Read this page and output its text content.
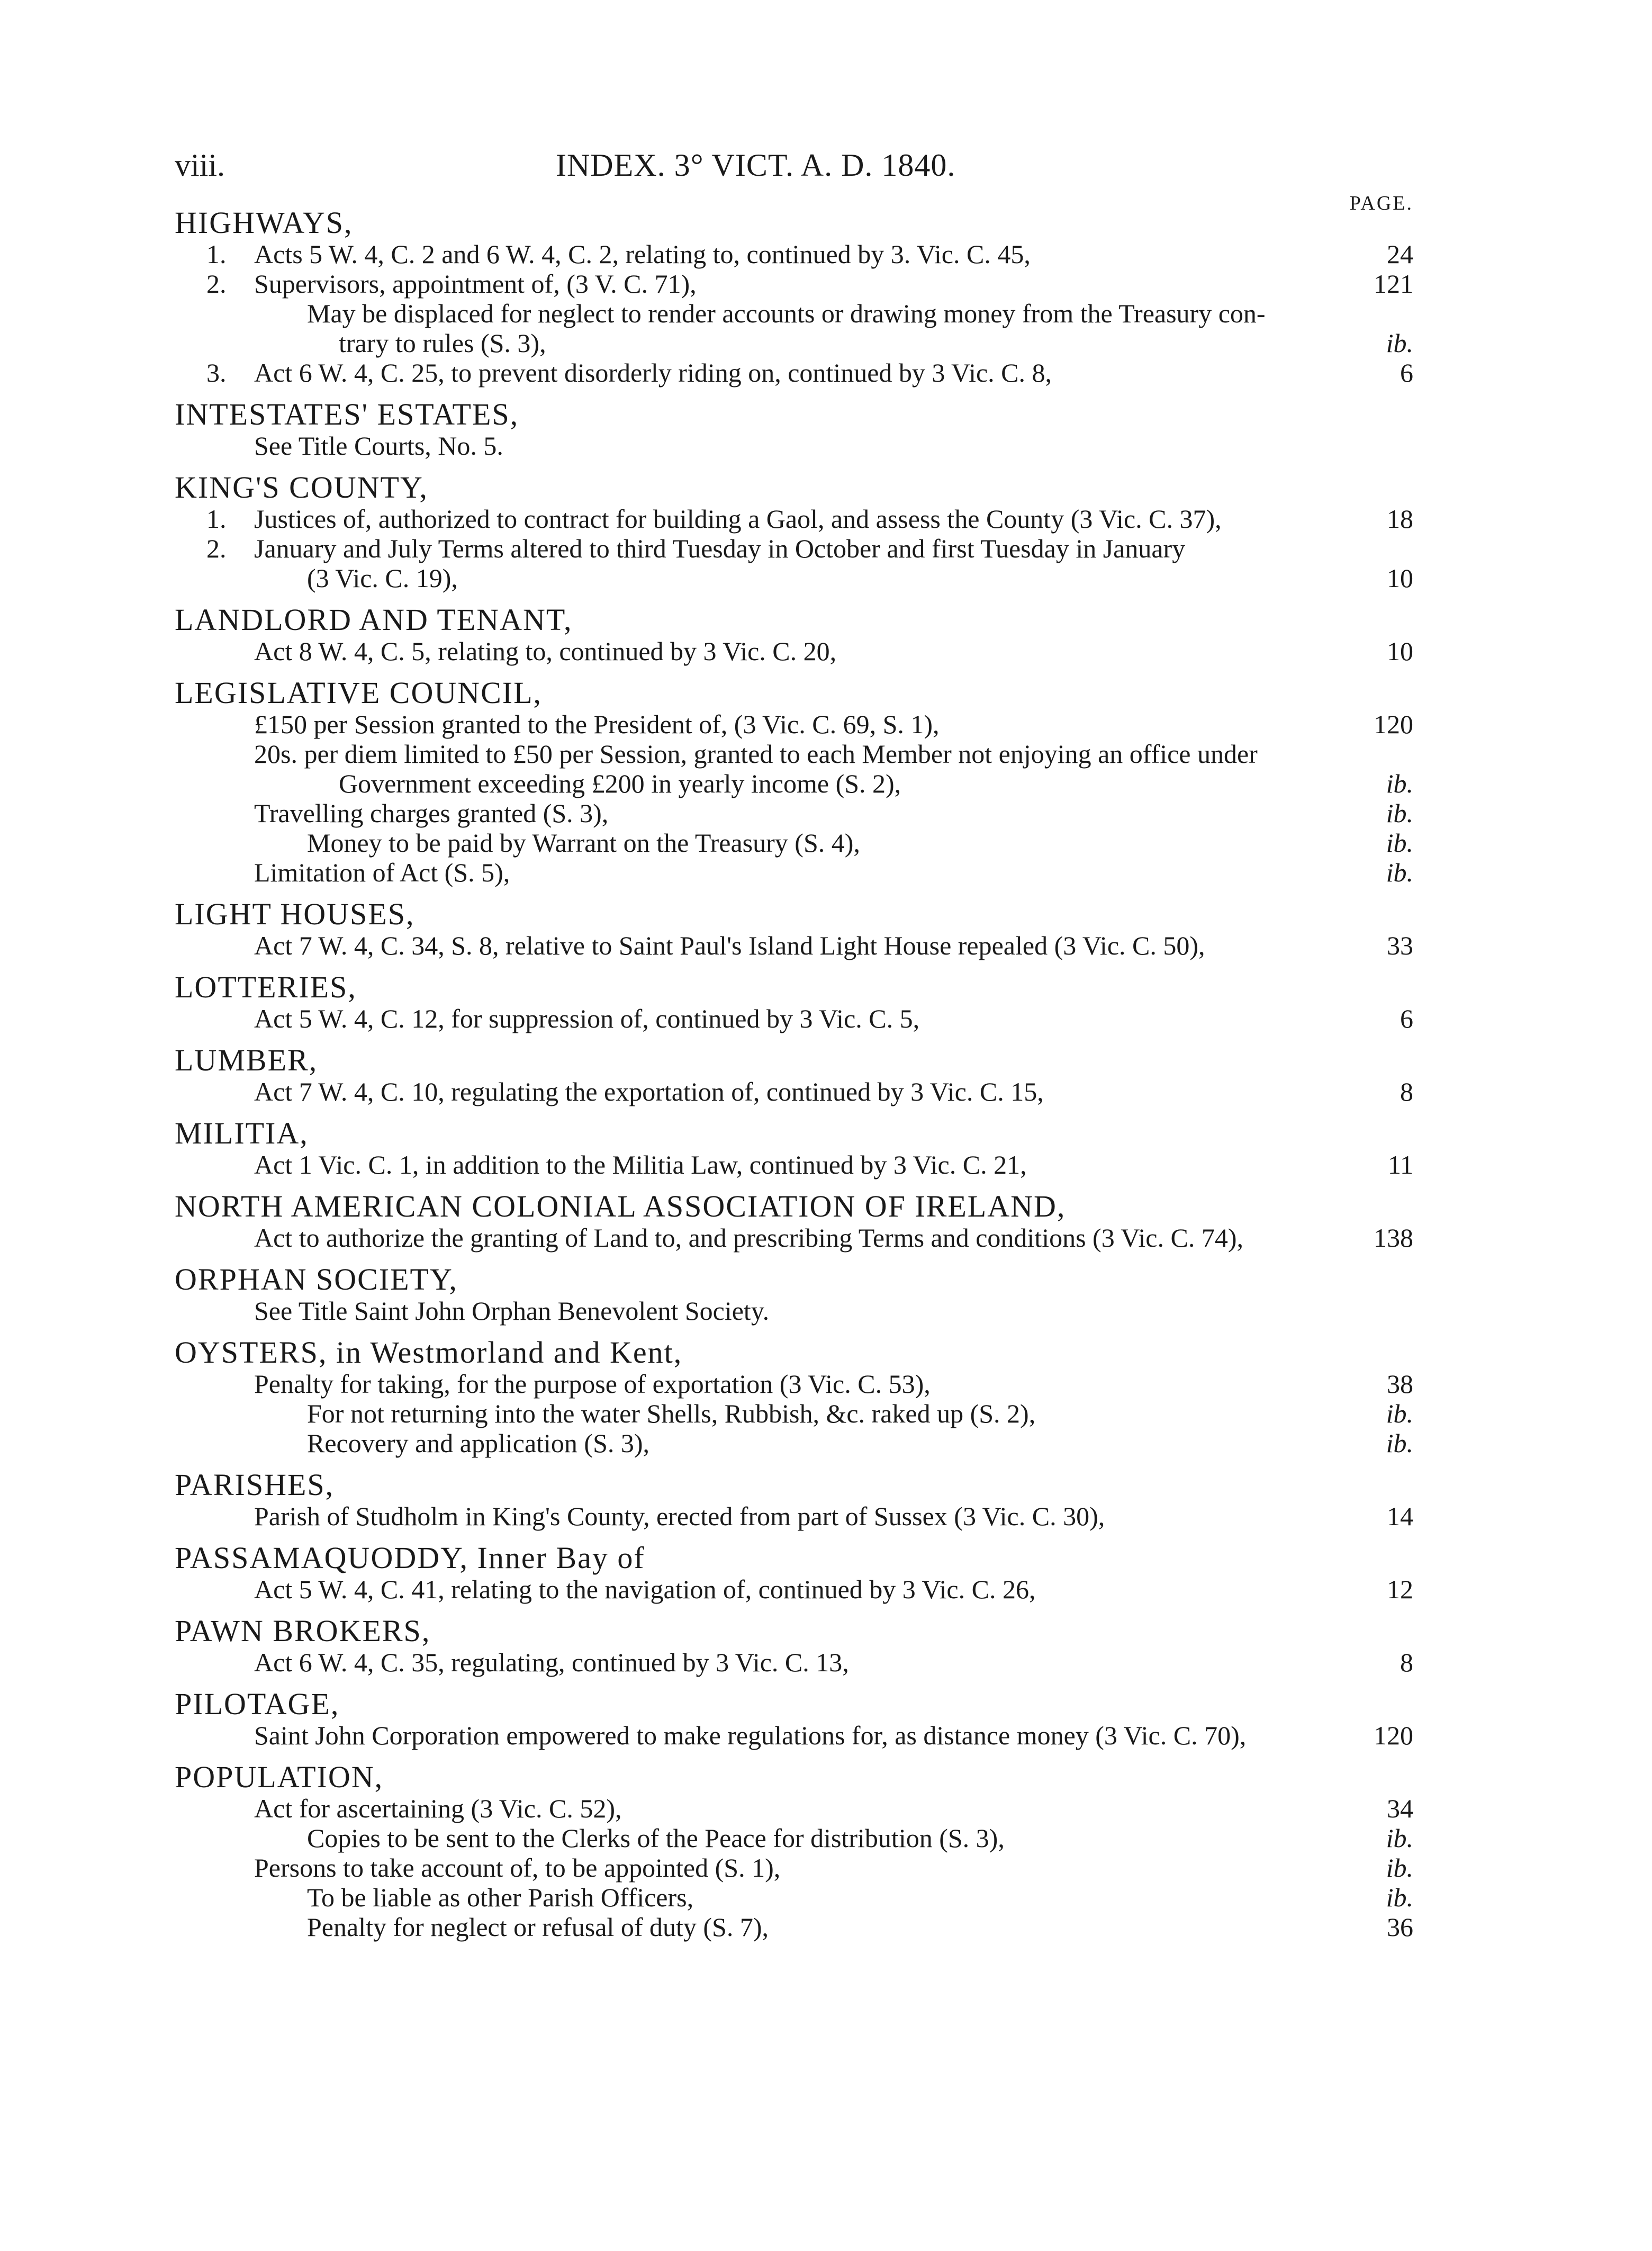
viii.	INDEX. 3° VICT. A. D. 1840.
PAGE.
HIGHWAYS,
1.	Acts 5 W. 4, C. 2 and 6 W. 4, C. 2, relating to, continued by 3. Vic. C. 45,	24
2.	Supervisors, appointment of, (3 V. C. 71),	121
May be displaced for neglect to render accounts or drawing money from the Treasury con-
trary to rules (S. 3),	ib.
3.	Act 6 W. 4, C. 25, to prevent disorderly riding on, continued by 3 Vic. C. 8,	6
INTESTATES' ESTATES,
See Title Courts, No. 5.
KING'S COUNTY,
1.	Justices of, authorized to contract for building a Gaol, and assess the County (3 Vic. C. 37),	18
2.	January and July Terms altered to third Tuesday in October and first Tuesday in January
(3 Vic. C. 19),	10
LANDLORD AND TENANT,
Act 8 W. 4, C. 5, relating to, continued by 3 Vic. C. 20,	10
LEGISLATIVE COUNCIL,
£150 per Session granted to the President of, (3 Vic. C. 69, S. 1),	120
20s. per diem limited to £50 per Session, granted to each Member not enjoying an office under
Government exceeding £200 in yearly income (S. 2),	ib.
Travelling charges granted (S. 3),	ib.
Money to be paid by Warrant on the Treasury (S. 4),	ib.
Limitation of Act (S. 5),	ib.
LIGHT HOUSES,
Act 7 W. 4, C. 34, S. 8, relative to Saint Paul's Island Light House repealed (3 Vic. C. 50),	33
LOTTERIES,
Act 5 W. 4, C. 12, for suppression of, continued by 3 Vic. C. 5,	6
LUMBER,
Act 7 W. 4, C. 10, regulating the exportation of, continued by 3 Vic. C. 15,	8
MILITIA,
Act 1 Vic. C. 1, in addition to the Militia Law, continued by 3 Vic. C. 21,	11
NORTH AMERICAN COLONIAL ASSOCIATION OF IRELAND,
Act to authorize the granting of Land to, and prescribing Terms and conditions (3 Vic. C. 74),	138
ORPHAN SOCIETY,
See Title Saint John Orphan Benevolent Society.
OYSTERS, in Westmorland and Kent,
Penalty for taking, for the purpose of exportation (3 Vic. C. 53),	38
For not returning into the water Shells, Rubbish, &c. raked up (S. 2),	ib.
Recovery and application (S. 3),	ib.
PARISHES,
Parish of Studholm in King's County, erected from part of Sussex (3 Vic. C. 30),	14
PASSAMAQUODDY, Inner Bay of
Act 5 W. 4, C. 41, relating to the navigation of, continued by 3 Vic. C. 26,	12
PAWN BROKERS,
Act 6 W. 4, C. 35, regulating, continued by 3 Vic. C. 13,	8
PILOTAGE,
Saint John Corporation empowered to make regulations for, as distance money (3 Vic. C. 70),	120
POPULATION,
Act for ascertaining (3 Vic. C. 52),	34
Copies to be sent to the Clerks of the Peace for distribution (S. 3),	ib.
Persons to take account of, to be appointed (S. 1),	ib.
To be liable as other Parish Officers,	ib.
Penalty for neglect or refusal of duty (S. 7),	36
